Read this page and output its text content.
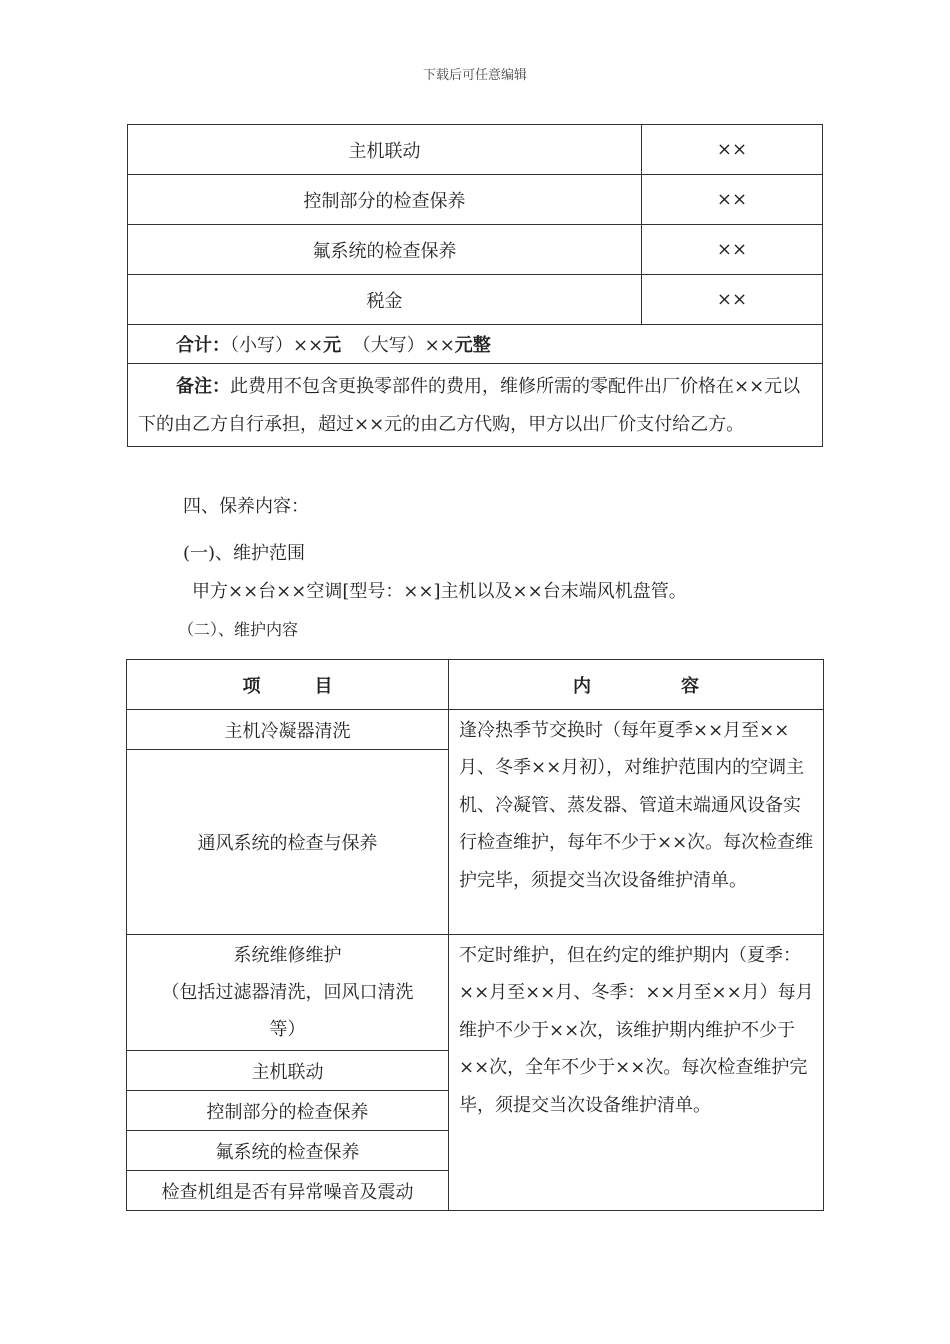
下载后可任意编辑
主机联动	××
控制部分的检查保养	××
氟系统的检查保养	××
税金	××
合计：（小写）××元 （大写）××元整	
备注：此费用不包含更换零部件的费用，维修所需的零配件出厂价格在××元以下的由乙方自行承担，超过××元的由乙方代购，甲方以出厂价支付给乙方。	
四、保养内容：
(一)、维护范围
甲方××台××空调[型号：××]主机以及××台末端风机盘管。
（二）、维护内容
项　　　目	内　　　　　容
主机冷凝器清洗	逢冷热季节交换时（每年夏季××月至××月、冬季××月初），对维护范围内的空调主机、冷凝管、蒸发器、管道末端通风设备实行检查维护，每年不少于××次。每次检查维护完毕，须提交当次设备维护清单。
通风系统的检查与保养	

系统维修维护
（包括过滤器清洗，回风口清洗
等）	不定时维护，但在约定的维护期内（夏季：××月至××月、冬季：××月至××月）每月维护不少于××次，该维护期内维护不少于××次，全年不少于××次。每次检查维护完毕，须提交当次设备维护清单。
主机联动	
控制部分的检查保养	
氟系统的检查保养	
检查机组是否有异常噪音及震动	
